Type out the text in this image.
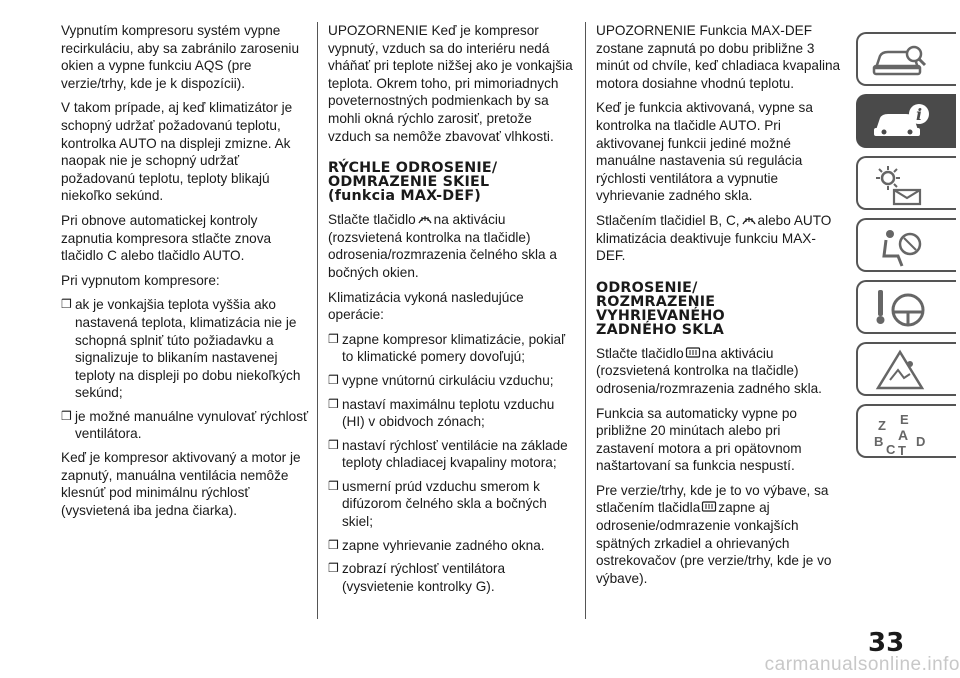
Vypnutím kompresoru systém vypne recirkuláciu, aby sa zabránilo zaroseniu okien a vypne funkciu AQS (pre verzie/trhy, kde je k dispozícii).

V takom prípade, aj keď klimatizátor je schopný udržať požadovanú teplotu, kontrolka AUTO na displeji zmizne. Ak naopak nie je schopný udržať požadovanú teplotu, teploty blikajú niekoľko sekúnd.

Pri obnove automatickej kontroly zapnutia kompresora stlačte znova tlačidlo C alebo tlačidlo AUTO.

Pri vypnutom kompresore:

❒ ak je vonkajšia teplota vyššia ako nastavená teplota, klimatizácia nie je schopná splniť túto požiadavku a signalizuje to blikaním nastavenej teploty na displeji po dobu niekoľkých sekúnd;
❒ je možné manuálne vynulovať rýchlosť ventilátora.

Keď je kompresor aktivovaný a motor je zapnutý, manuálna ventilácia nemôže klesnúť pod minimálnu rýchlosť (vysvietená iba jedna čiarka).

UPOZORNENIE Keď je kompresor vypnutý, vzduch sa do interiéru nedá vháňať pri teplote nižšej ako je vonkajšia teplota. Okrem toho, pri mimoriadnych poveternostných podmienkach by sa mohli okná rýchlo zarosiť, pretože vzduch sa nemôže zbavovať vlhkosti.

RÝCHLE ODROSENIE/
ODMRAZENIE SKIEL
(funkcia MAX-DEF)

Stlačte tlačidlo na aktiváciu (rozsvietená kontrolka na tlačidle) odrosenia/rozmrazenia čelného skla a bočných okien.

Klimatizácia vykoná nasledujúce operácie:

❒ zapne kompresor klimatizácie, pokiaľ to klimatické pomery dovoľujú;
❒ vypne vnútornú cirkuláciu vzduchu;
❒ nastaví maximálnu teplotu vzduchu (HI) v obidvoch zónach;
❒ nastaví rýchlosť ventilácie na základe teploty chladiacej kvapaliny motora;
❒ usmerní prúd vzduchu smerom k difúzorom čelného skla a bočných skiel;
❒ zapne vyhrievanie zadného okna.
❒ zobrazí rýchlosť ventilátora (vysvietenie kontrolky G).

UPOZORNENIE Funkcia MAX-DEF zostane zapnutá po dobu približne 3 minút od chvíle, keď chladiaca kvapalina motora dosiahne vhodnú teplotu.

Keď je funkcia aktivovaná, vypne sa kontrolka na tlačidle AUTO. Pri aktivovanej funkcii jediné možné manuálne nastavenia sú regulácia rýchlosti ventilátora a vypnutie vyhrievanie zadného skla.

Stlačením tlačidiel B, C, alebo AUTO klimatizácia deaktivuje funkciu MAX-DEF.

ODROSENIE/
ROZMRAZENIE
VYHRIEVANÉHO
ZADNÉHO SKLA

Stlačte tlačidlo na aktiváciu (rozsvietená kontrolka na tlačidle) odrosenia/rozmrazenia zadného skla.

Funkcia sa automaticky vypne po približne 20 minútach alebo pri zastavení motora a pri opätovnom naštartovaní sa funkcia nespustí.

Pre verzie/trhy, kde je to vo výbave, sa stlačením tlačidla zapne aj odrosenie/odmrazenie vonkajších spätných zrkadiel a ohrievaných ostrekovačov (pre verzie/trhy, kde je vo výbave).

i
Z E
A
B
C T
D
33
carmanualsonline.info
